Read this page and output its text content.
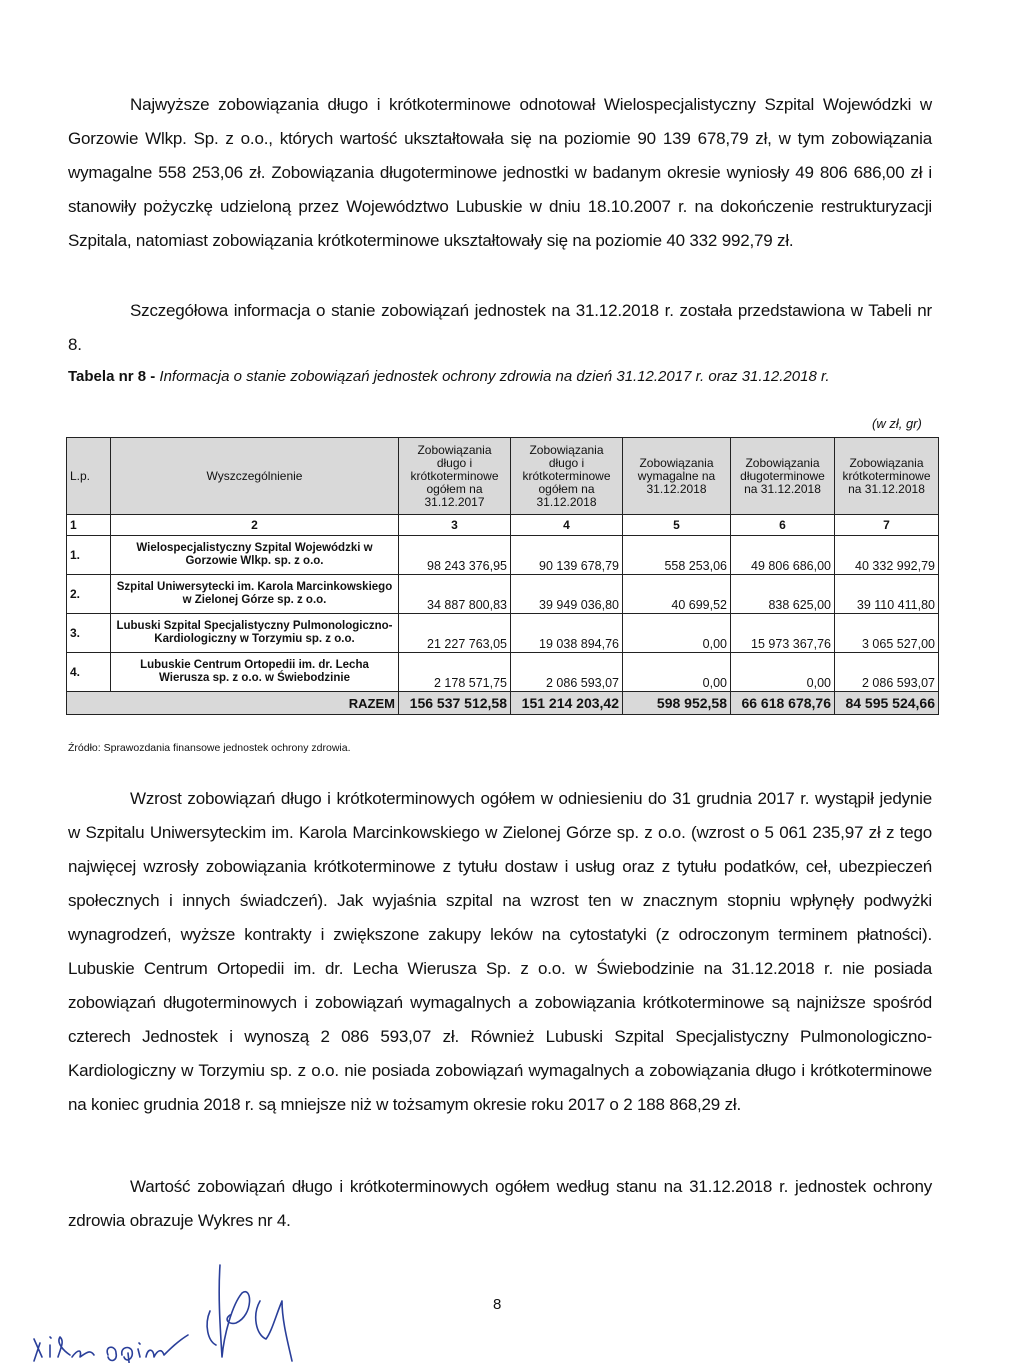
Najwyższe zobowiązania długo i krótkoterminowe odnotował Wielospecjalistyczny Szpital Wojewódzki w Gorzowie Wlkp. Sp. z o.o., których wartość ukształtowała się na poziomie 90 139 678,79 zł, w tym zobowiązania wymagalne 558 253,06 zł. Zobowiązania długoterminowe jednostki w badanym okresie wyniosły 49 806 686,00 zł i stanowiły pożyczkę udzieloną przez Województwo Lubuskie w dniu 18.10.2007 r. na dokończenie restrukturyzacji Szpitala, natomiast zobowiązania krótkoterminowe ukształtowały się na poziomie 40 332 992,79 zł.

Szczegółowa informacja o stanie zobowiązań jednostek na 31.12.2018 r. została przedstawiona w Tabeli nr 8.

Tabela nr 8 - Informacja o stanie zobowiązań jednostek ochrony zdrowia na dzień 31.12.2017 r. oraz 31.12.2018 r.

(w zł, gr)
L.p.	Wyszczególnienie	Zobowiązania długo i krótkoterminowe ogółem na 31.12.2017	Zobowiązania długo i krótkoterminowe ogółem na 31.12.2018	Zobowiązania wymagalne na 31.12.2018	Zobowiązania długoterminowe na 31.12.2018	Zobowiązania krótkoterminowe na 31.12.2018
1	2	3	4	5	6	7
1.	Wielospecjalistyczny Szpital Wojewódzki w Gorzowie Wlkp. sp. z o.o.	98 243 376,95	90 139 678,79	558 253,06	49 806 686,00	40 332 992,79
2.	Szpital Uniwersytecki im. Karola Marcinkowskiego w Zielonej Górze sp. z o.o.	34 887 800,83	39 949 036,80	40 699,52	838 625,00	39 110 411,80
3.	Lubuski Szpital Specjalistyczny Pulmonologiczno-Kardiologiczny w Torzymiu sp. z o.o.	21 227 763,05	19 038 894,76	0,00	15 973 367,76	3 065 527,00
4.	Lubuskie Centrum Ortopedii im. dr. Lecha Wierusza sp. z o.o. w Świebodzinie	2 178 571,75	2 086 593,07	0,00	0,00	2 086 593,07
RAZEM		156 537 512,58	151 214 203,42	598 952,58	66 618 678,76	84 595 524,66
Źródło: Sprawozdania finansowe jednostek ochrony zdrowia.

Wzrost zobowiązań długo i krótkoterminowych ogółem w odniesieniu do 31 grudnia 2017 r. wystąpił jedynie w Szpitalu Uniwersyteckim im. Karola Marcinkowskiego w Zielonej Górze sp. z o.o. (wzrost o 5 061 235,97 zł z tego najwięcej wzrosły zobowiązania krótkoterminowe z tytułu dostaw i usług oraz z tytułu podatków, ceł, ubezpieczeń społecznych i innych świadczeń). Jak wyjaśnia szpital na wzrost ten w znacznym stopniu wpłynęły podwyżki wynagrodzeń, wyższe kontrakty i zwiększone zakupy leków na cytostatyki (z odroczonym terminem płatności). Lubuskie Centrum Ortopedii im. dr. Lecha Wierusza Sp. z o.o. w Świebodzinie na 31.12.2018 r. nie posiada zobowiązań długoterminowych i zobowiązań wymagalnych a zobowiązania krótkoterminowe są najniższe spośród czterech Jednostek i wynoszą 2 086 593,07 zł. Również Lubuski Szpital Specjalistyczny Pulmonologiczno-Kardiologiczny w Torzymiu sp. z o.o. nie posiada zobowiązań wymagalnych a zobowiązania długo i krótkoterminowe na koniec grudnia 2018 r. są mniejsze niż w tożsamym okresie roku 2017 o 2 188 868,29 zł.

Wartość zobowiązań długo i krótkoterminowych ogółem według stanu na 31.12.2018 r. jednostek ochrony zdrowia obrazuje Wykres nr 4.

8
